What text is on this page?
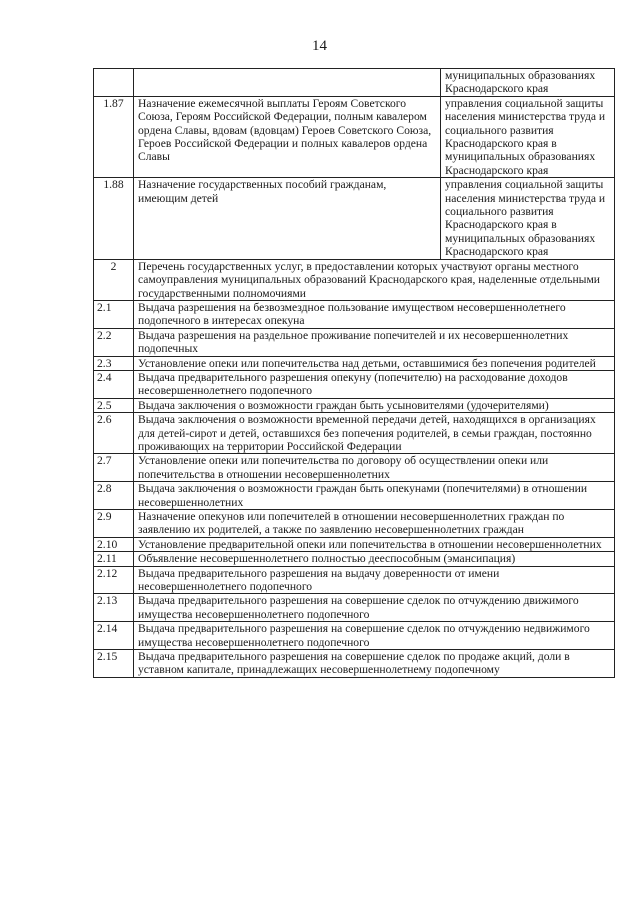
14
		муниципальных образованиях Краснодарского края
1.87	Назначение ежемесячной выплаты Героям Советского Союза, Героям Российской Федерации, полным кавалером ордена Славы, вдовам (вдовцам) Героев Советского Союза, Героев Российской Федерации и полных кавалеров ордена Славы	управления социальной защиты населения министерства труда и социального развития Краснодарского края в муниципальных образованиях Краснодарского края
1.88	Назначение государственных пособий гражданам, имеющим детей	управления социальной защиты населения министерства труда и социального развития Краснодарского края в муниципальных образованиях Краснодарского края
2	Перечень государственных услуг, в предоставлении которых участвуют органы местного самоуправления муниципальных образований Краснодарского края, наделенные отдельными государственными полномочиями	
2.1	Выдача разрешения на безвозмездное пользование имуществом несовершеннолетнего подопечного в интересах опекуна	
2.2	Выдача разрешения на раздельное проживание попечителей и их несовершеннолетних подопечных	
2.3	Установление опеки или попечительства над детьми, оставшимися без попечения родителей	
2.4	Выдача предварительного разрешения опекуну (попечителю) на расходование доходов несовершеннолетнего подопечного	
2.5	Выдача заключения о возможности граждан быть усыновителями (удочерителями)	
2.6	Выдача заключения о возможности временной передачи детей, находящихся в организациях для детей-сирот и детей, оставшихся без попечения родителей, в семьи граждан, постоянно проживающих на территории Российской Федерации	
2.7	Установление опеки или попечительства по договору об осуществлении опеки или попечительства в отношении несовершеннолетних	
2.8	Выдача заключения о возможности граждан быть опекунами (попечителями) в отношении несовершеннолетних	
2.9	Назначение опекунов или попечителей в отношении несовершеннолетних граждан по заявлению их родителей, а также по заявлению несовершеннолетних граждан	
2.10	Установление предварительной опеки или попечительства в отношении несовершеннолетних	
2.11	Объявление несовершеннолетнего полностью дееспособным (эмансипация)	
2.12	Выдача предварительного разрешения на выдачу доверенности от имени несовершеннолетнего подопечного	
2.13	Выдача предварительного разрешения на совершение сделок по отчуждению движимого имущества несовершеннолетнего подопечного	
2.14	Выдача предварительного разрешения на совершение сделок по отчуждению недвижимого имущества несовершеннолетнего подопечного	
2.15	Выдача предварительного разрешения на совершение сделок по продаже акций, доли в уставном капитале, принадлежащих несовершеннолетнему подопечному	
